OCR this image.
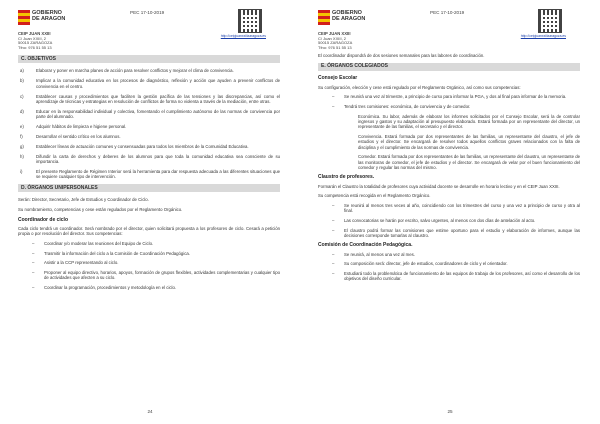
GOBIERNO
DE ARAGON
CEIP JUAN XXIII
C/ Juan XXIII, 2
50015 ZARAGOZA
Tfno: 976 51 55 13
PEC 17-10-2019
http://ceipjuanxxiiizaragoza.es
C. OBJETIVOS
a)	Elaborar y poner en marcha planes de acción para resolver conflictos y mejorar el clima de convivencia.
b)	Implicar a la comunidad educativa en los procesos de diagnóstico, reflexión y acción que ayuden a prevenir conflictos de convivencia en el centro.
c)	Establecer causas y procedimientos que faciliten la gestión pacífica de las tensiones y las discrepancias, así como el aprendizaje de técnicas y estrategias en resolución de conflictos de forma no violenta a través de la mediación, entre otras.
d)	Educar en la responsabilidad individual y colectiva, fomentando el cumplimiento autónomo de las normas de convivencia por parte del alumnado.
e)	Adquirir hábitos de limpieza e higiene personal.
f)	Desarrollar el sentido crítico en los alumnos.
g)	Establecer líneas de actuación comunes y consensuadas para todos los miembros de la Comunidad Educativa.
h)	Difundir la carta de derechos y deberes de los alumnos para que toda la comunidad educativa sea consciente de su importancia.
i)	El presente Reglamento de Régimen Interior será la herramienta para dar respuesta adecuada a las diferentes situaciones que se requiere cualquier tipo de intervención.
D. ÓRGANOS UNIPERSONALES
Serán: Director, Secretario, Jefe de Estudios y Coordinador de Ciclo.
Su nombramiento, competencias y cese están regulados por el Reglamento Orgánico.
Coordinador de ciclo
Cada ciclo tendrá un coordinador. Será nombrado por el director, quien solicitará propuesta a los profesores de ciclo. Cesará a petición propia o por resolución del director. Sus competencias:
– Coordinar y/o moderar las reuniones del Equipo de Ciclo.
– Trasmitir la información del ciclo a la Comisión de Coordinación Pedagógica.
– Asistir a la CCP representando al ciclo.
– Proponer al equipo directivo, horarios, apoyos, formación de grupos flexibles, actividades complementarias y cualquier tipo de actividades que afecten a su ciclo.
– Coordinar la programación, procedimientos y metodología en el ciclo.
24
GOBIERNO
DE ARAGON
CEIP JUAN XXIII
C/ Juan XXIII, 2
50015 ZARAGOZA
Tfno: 976 51 55 13
PEC 17-10-2019
http://ceipjuanxxiiizaragoza.es
El coordinador dispondrá de dos sesiones semanales para las labores de coordinación.
E. ÓRGANOS COLEGIADOS
Consejo Escolar
Su configuración, elección y cese está regulado por el Reglamento Orgánico, así como sus competencias:
– Se reunirá una vez al trimestre, a principio de curso para informar la PGA, y dos al final para informar de la memoria.
– Tendrá tres comisiones: económica, de convivencia y de comedor.
Económica. Su labor, además de elaborar los informes solicitados por el Consejo Escolar, será la de controlar ingresos y gastos y su adaptación al presupuesto elaborado. Estará formada por un representante del director, un representante de las familias, el secretario y el director.
Convivencia. Estará formada por dos representantes de las familias, un representante del claustro, el jefe de estudios y el director. Se encargará de resolver todos aquellos conflictos graves relacionados con la falta de disciplina y el cumplimiento de las normas de convivencia.
Comedor. Estará formada por dos representantes de las familias, un representante del claustro, un representante de las monitoras de comedor, el jefe de estudios y el director. Se encargará de velar por el buen funcionamiento del comedor y regular las normas del mismo.
Claustro de profesores.
Formarán el Claustro la totalidad de profesores cuya actividad docente se desarrolle en horario lectivo y en el CEIP Juan XXIII.
Su competencia está recogida en el Reglamento Orgánico.
– Se reunirá al menos tres veces al año, coincidiendo con los trimestres del curso y una vez a principio de curso y otra al final.
– Las convocatorias se harán por escrito, salvo urgentes, al menos con dos días de antelación al acto.
– El claustro podrá formar las comisiones que estime oportuno para el estudio y elaboración de informes, aunque las decisiones corresponde tomarlas al claustro.
Comisión de Coordinación Pedagógica.
– Se reunirá, al menos una vez al mes.
– Su composición será: director, jefe de estudios, coordinadores de ciclo y el orientador.
– Estudiará todo la problemática de funcionamiento de las equipos de trabajo de los profesores, así como el desarrollo de los objetivos del diseño curricular.
25
